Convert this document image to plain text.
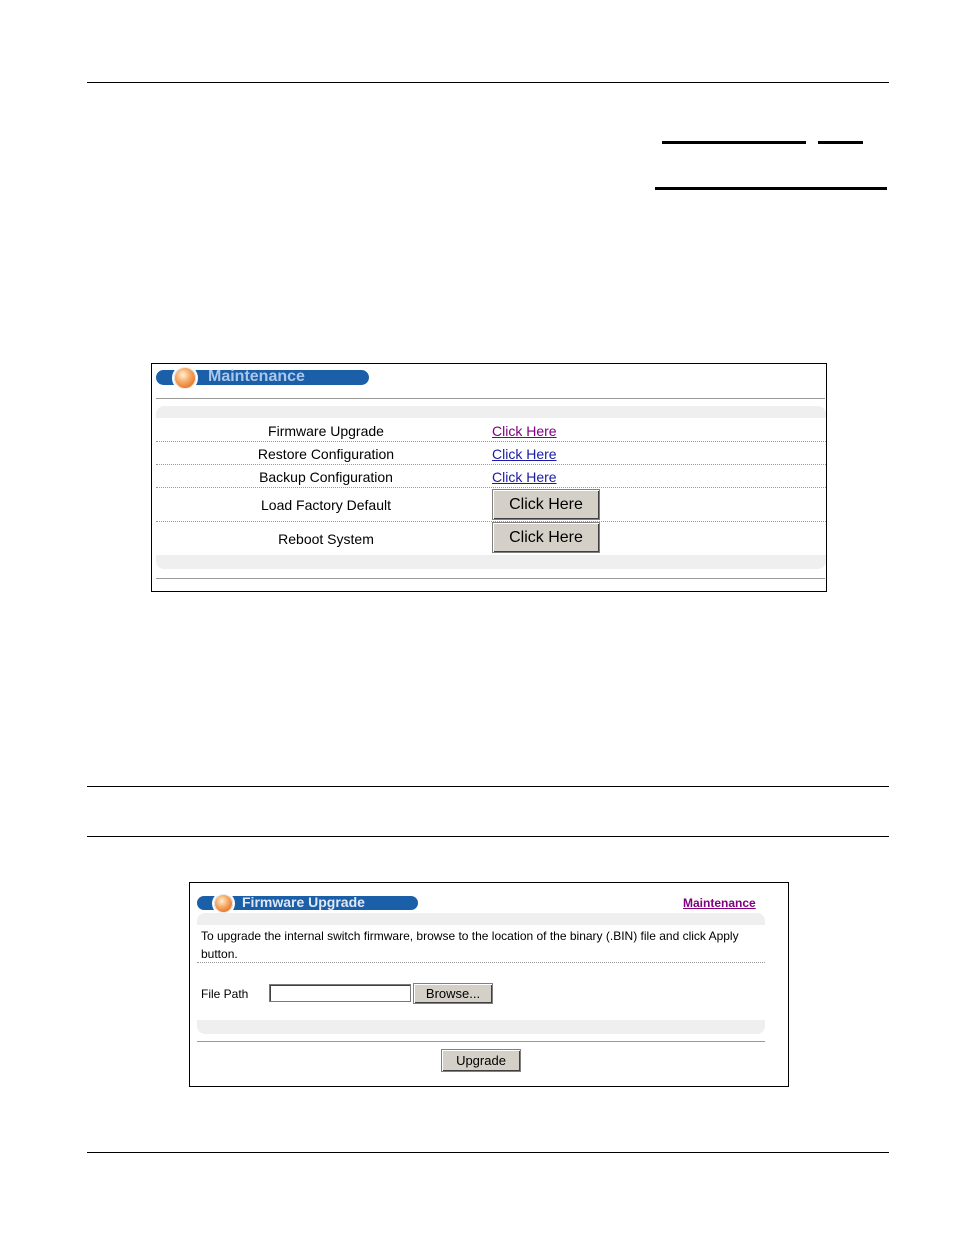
Maintenance
Firmware Upgrade	Click Here
Restore Configuration	Click Here
Backup Configuration	Click Here
Load Factory Default	Click Here
Reboot System	Click Here
Firmware Upgrade	Maintenance
To upgrade the internal switch firmware, browse to the location of the binary (.BIN) file and click Apply button.
File Path	Browse...
Upgrade
